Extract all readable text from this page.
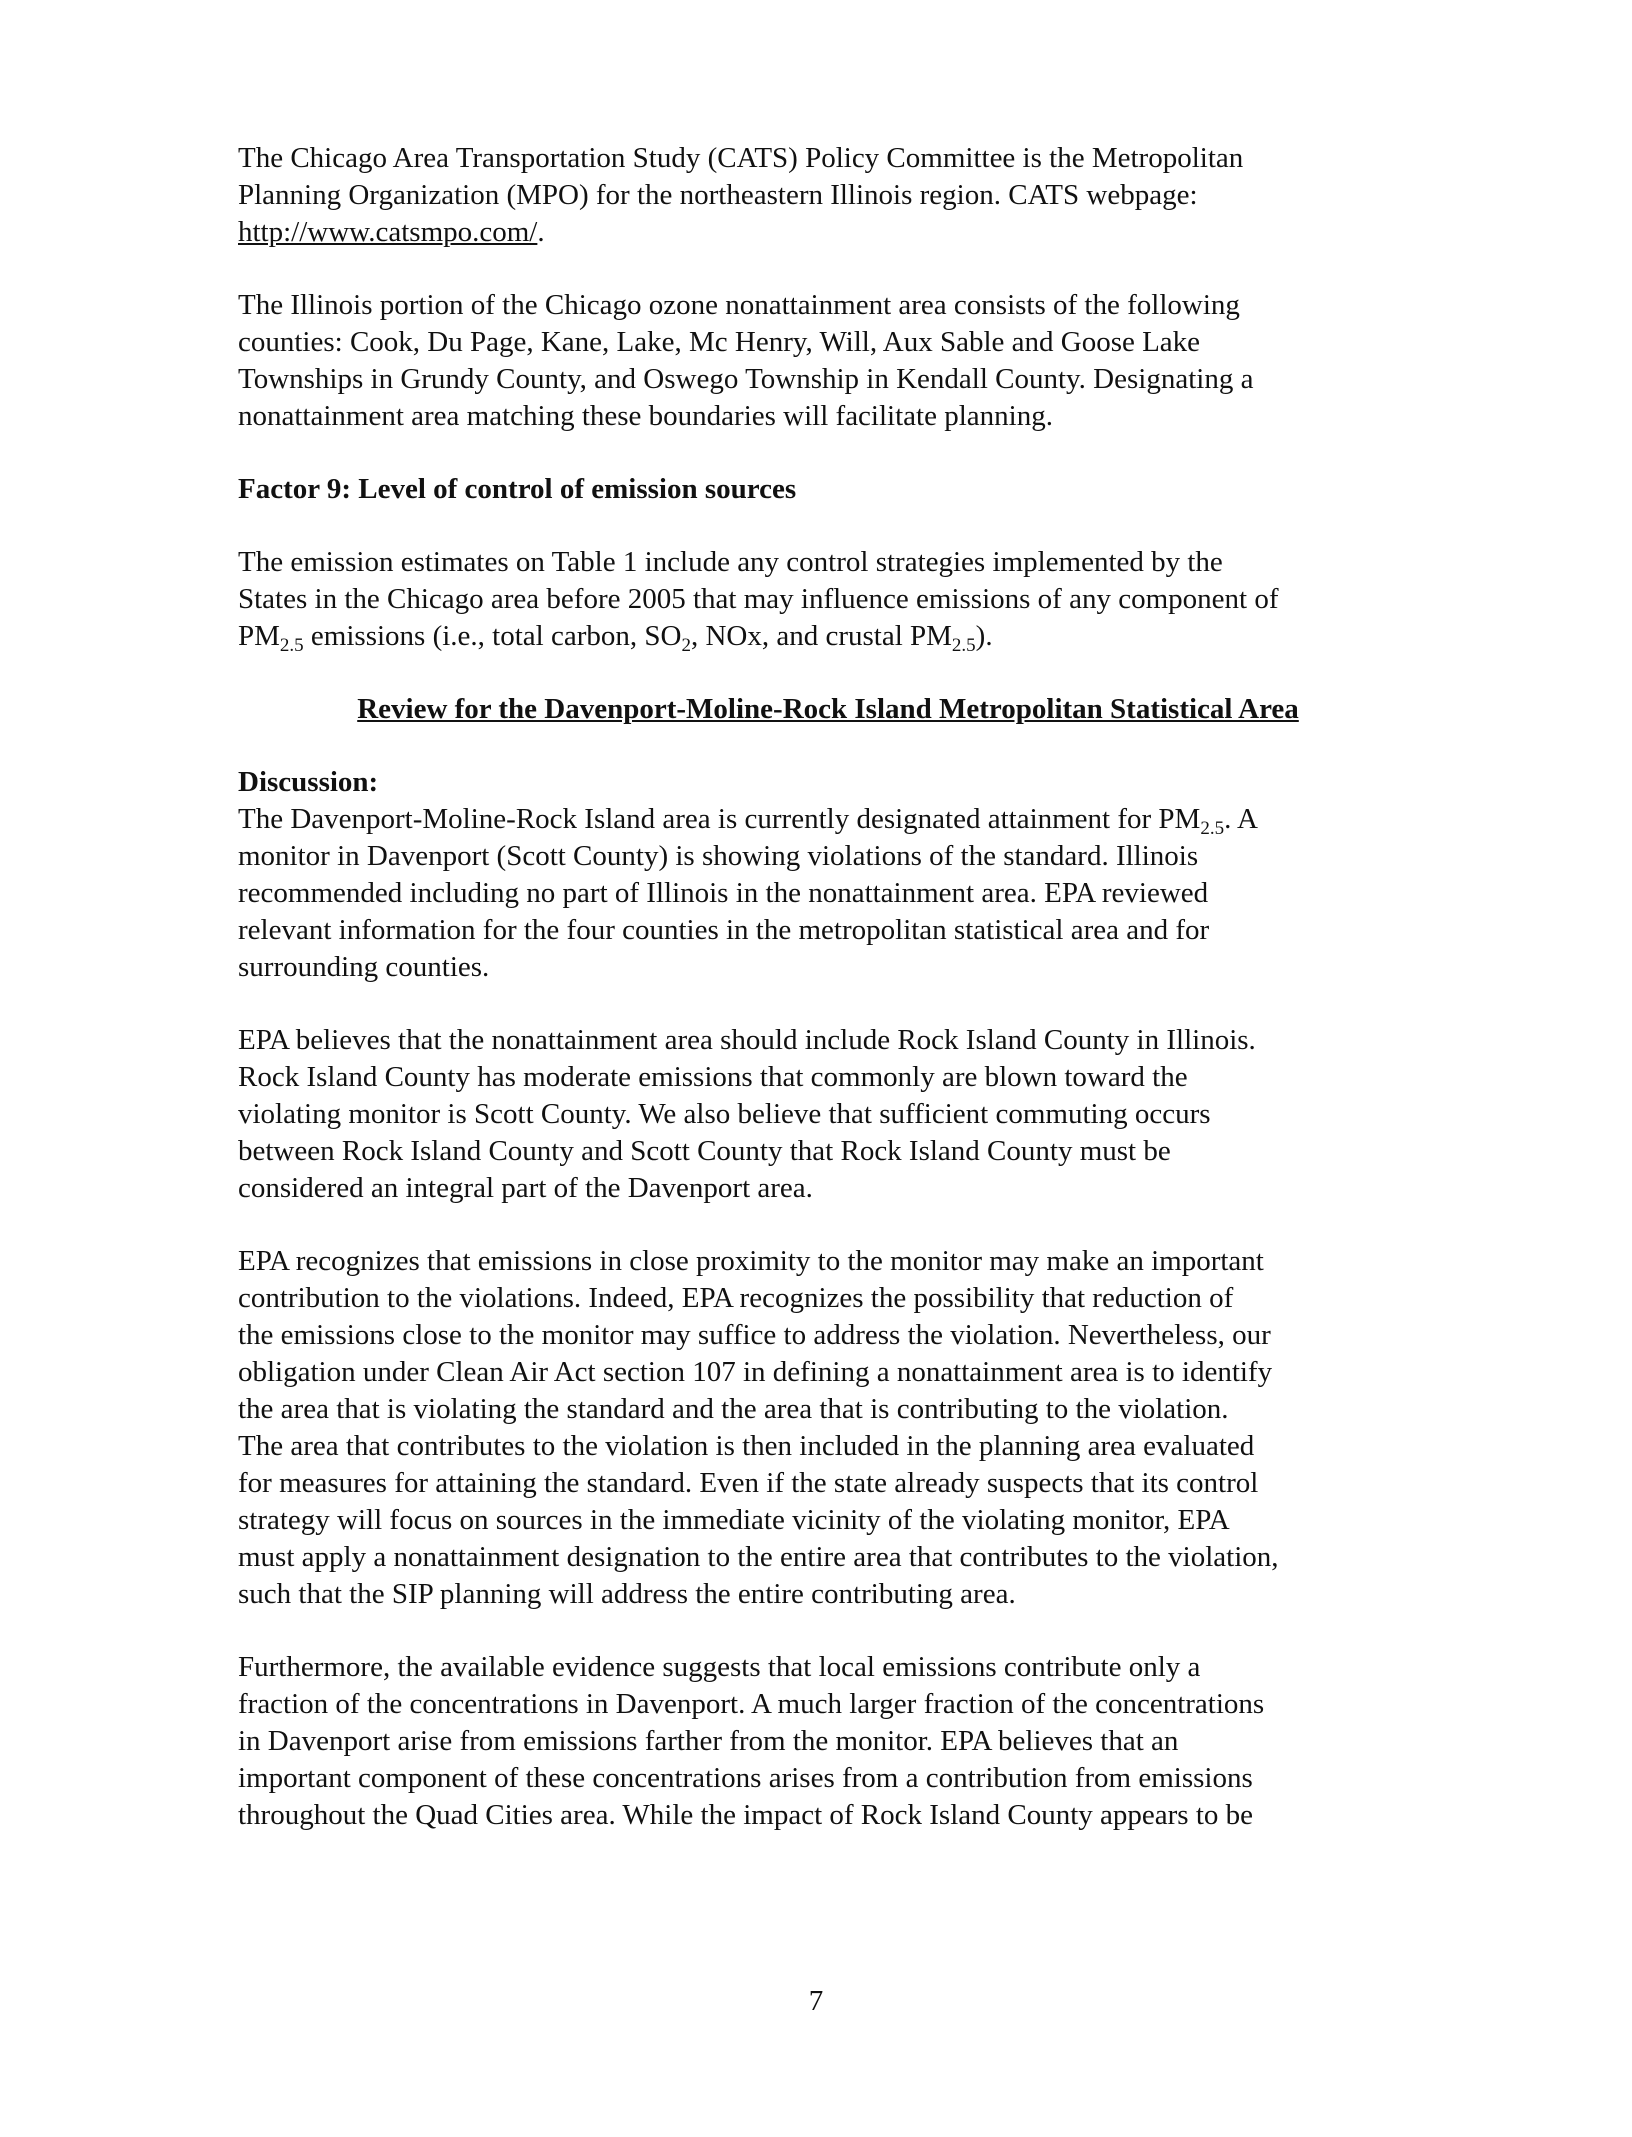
The Chicago Area Transportation Study (CATS) Policy Committee is the Metropolitan
Planning Organization (MPO) for the northeastern Illinois region. CATS webpage:
http://www.catsmpo.com/.
The Illinois portion of the Chicago ozone nonattainment area consists of the following
counties: Cook, Du Page, Kane, Lake, Mc Henry, Will, Aux Sable and Goose Lake
Townships in Grundy County, and Oswego Township in Kendall County. Designating a
nonattainment area matching these boundaries will facilitate planning.
Factor 9: Level of control of emission sources
The emission estimates on Table 1 include any control strategies implemented by the
States in the Chicago area before 2005 that may influence emissions of any component of
$PM_{2.5}$ emissions (i.e., total carbon, $SO_2$, NOx, and crustal $PM_{2.5}$).
Review for the Davenport-Moline-Rock Island Metropolitan Statistical Area
Discussion:
The Davenport-Moline-Rock Island area is currently designated attainment for $PM_{2.5}$. A
monitor in Davenport (Scott County) is showing violations of the standard. Illinois
recommended including no part of Illinois in the nonattainment area. EPA reviewed
relevant information for the four counties in the metropolitan statistical area and for
surrounding counties.
EPA believes that the nonattainment area should include Rock Island County in Illinois.
Rock Island County has moderate emissions that commonly are blown toward the
violating monitor is Scott County. We also believe that sufficient commuting occurs
between Rock Island County and Scott County that Rock Island County must be
considered an integral part of the Davenport area.
EPA recognizes that emissions in close proximity to the monitor may make an important
contribution to the violations. Indeed, EPA recognizes the possibility that reduction of
the emissions close to the monitor may suffice to address the violation. Nevertheless, our
obligation under Clean Air Act section 107 in defining a nonattainment area is to identify
the area that is violating the standard and the area that is contributing to the violation.
The area that contributes to the violation is then included in the planning area evaluated
for measures for attaining the standard. Even if the state already suspects that its control
strategy will focus on sources in the immediate vicinity of the violating monitor, EPA
must apply a nonattainment designation to the entire area that contributes to the violation,
such that the SIP planning will address the entire contributing area.
Furthermore, the available evidence suggests that local emissions contribute only a
fraction of the concentrations in Davenport. A much larger fraction of the concentrations
in Davenport arise from emissions farther from the monitor. EPA believes that an
important component of these concentrations arises from a contribution from emissions
throughout the Quad Cities area. While the impact of Rock Island County appears to be
7
